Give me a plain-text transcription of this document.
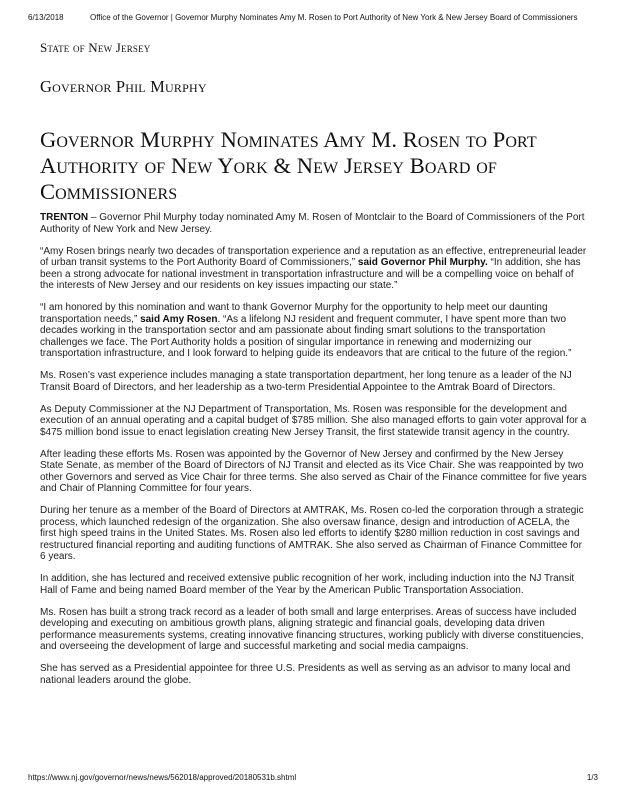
6/13/2018	Office of the Governor | Governor Murphy Nominates Amy M. Rosen to Port Authority of New York & New Jersey Board of Commissioners
State of New Jersey
Governor Phil Murphy
Governor Murphy Nominates Amy M. Rosen to Port Authority of New York & New Jersey Board of Commissioners

TRENTON – Governor Phil Murphy today nominated Amy M. Rosen of Montclair to the Board of Commissioners of the Port Authority of New York and New Jersey.

“Amy Rosen brings nearly two decades of transportation experience and a reputation as an effective, entrepreneurial leader of urban transit systems to the Port Authority Board of Commissioners,” said Governor Phil Murphy. “In addition, she has been a strong advocate for national investment in transportation infrastructure and will be a compelling voice on behalf of the interests of New Jersey and our residents on key issues impacting our state.”

“I am honored by this nomination and want to thank Governor Murphy for the opportunity to help meet our daunting transportation needs,” said Amy Rosen. “As a lifelong NJ resident and frequent commuter, I have spent more than two decades working in the transportation sector and am passionate about finding smart solutions to the transportation challenges we face. The Port Authority holds a position of singular importance in renewing and modernizing our transportation infrastructure, and I look forward to helping guide its endeavors that are critical to the future of the region.”

Ms. Rosen’s vast experience includes managing a state transportation department, her long tenure as a leader of the NJ Transit Board of Directors, and her leadership as a two-term Presidential Appointee to the Amtrak Board of Directors.

As Deputy Commissioner at the NJ Department of Transportation, Ms. Rosen was responsible for the development and execution of an annual operating and a capital budget of $785 million. She also managed efforts to gain voter approval for a $475 million bond issue to enact legislation creating New Jersey Transit, the first statewide transit agency in the country.

After leading these efforts Ms. Rosen was appointed by the Governor of New Jersey and confirmed by the New Jersey State Senate, as member of the Board of Directors of NJ Transit and elected as its Vice Chair. She was reappointed by two other Governors and served as Vice Chair for three terms. She also served as Chair of the Finance committee for five years and Chair of Planning Committee for four years.

During her tenure as a member of the Board of Directors at AMTRAK, Ms. Rosen co-led the corporation through a strategic process, which launched redesign of the organization. She also oversaw finance, design and introduction of ACELA, the first high speed trains in the United States. Ms. Rosen also led efforts to identify $280 million reduction in cost savings and restructured financial reporting and auditing functions of AMTRAK. She also served as Chairman of Finance Committee for 6 years.

In addition, she has lectured and received extensive public recognition of her work, including induction into the NJ Transit Hall of Fame and being named Board member of the Year by the American Public Transportation Association.

Ms. Rosen has built a strong track record as a leader of both small and large enterprises. Areas of success have included developing and executing on ambitious growth plans, aligning strategic and financial goals, developing data driven performance measurements systems, creating innovative financing structures, working publicly with diverse constituencies, and overseeing the development of large and successful marketing and social media campaigns.

She has served as a Presidential appointee for three U.S. Presidents as well as serving as an advisor to many local and national leaders around the globe.

https://www.nj.gov/governor/news/news/562018/approved/20180531b.shtml	1/3
